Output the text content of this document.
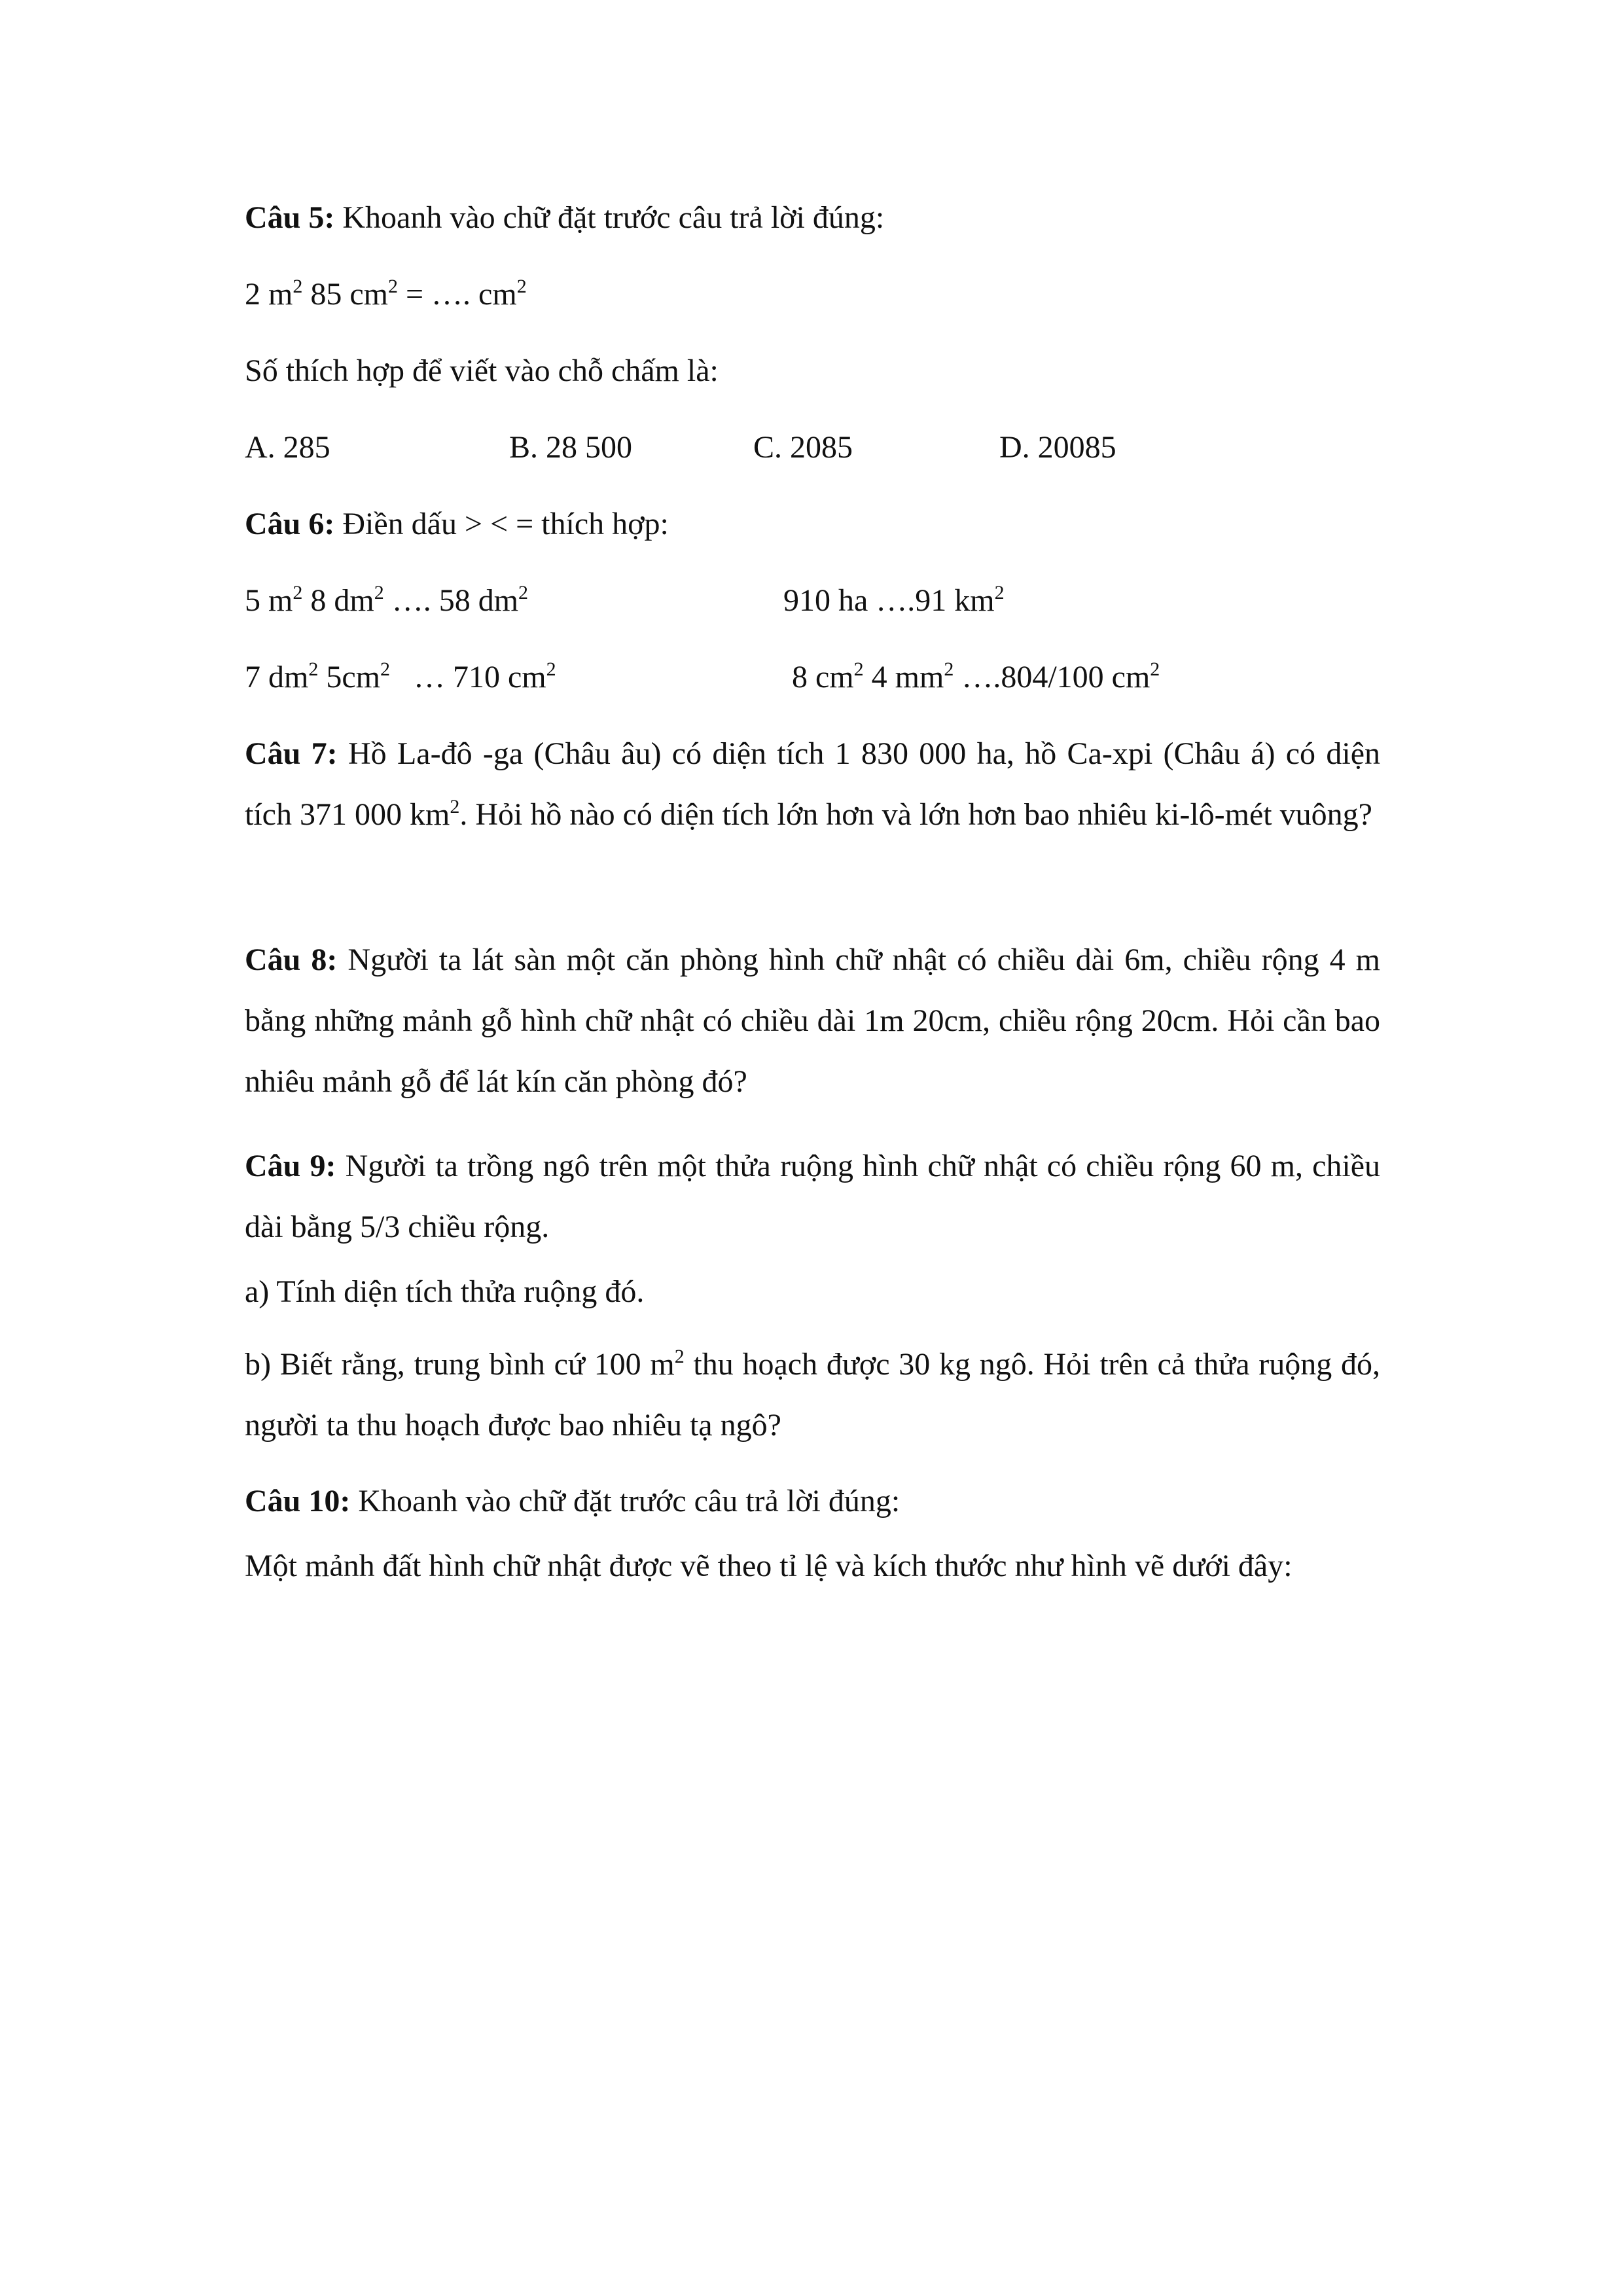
Câu 5: Khoanh vào chữ đặt trước câu trả lời đúng:
2 $m^2$ 85 $cm^2$ = …. $cm^2$
Số thích hợp để viết vào chỗ chấm là:
A. 285	B. 28 500	C. 2085	D. 20085
Câu 6: Điền dấu > < = thích hợp:
5 $m^2$ 8 $dm^2$ …. 58 $dm^2$	910 ha ….91 $km^2$
7 $dm^2$ $5cm^2$   … 710 $cm^2$	8 $cm^2$ 4 $mm^2$ ….804/100 $cm^2$
Câu 7: Hồ La-đô -ga (Châu âu) có diện tích 1 830 000 ha, hồ Ca-xpi (Châu á) có diện tích 371 000 $km^2$. Hỏi hồ nào có diện tích lớn hơn và lớn hơn bao nhiêu ki-lô-mét vuông?
Câu 8: Người ta lát sàn một căn phòng hình chữ nhật có chiều dài 6m, chiều rộng 4 m bằng những mảnh gỗ hình chữ nhật có chiều dài 1m 20cm, chiều rộng 20cm. Hỏi cần bao nhiêu mảnh gỗ để lát kín căn phòng đó?
Câu 9: Người ta trồng ngô trên một thửa ruộng hình chữ nhật có chiều rộng 60 m, chiều dài bằng 5/3 chiều rộng.
a) Tính diện tích thửa ruộng đó.
b) Biết rằng, trung bình cứ 100 $m^2$ thu hoạch được 30 kg ngô. Hỏi trên cả thửa ruộng đó, người ta thu hoạch được bao nhiêu tạ ngô?
Câu 10: Khoanh vào chữ đặt trước câu trả lời đúng:
Một mảnh đất hình chữ nhật được vẽ theo tỉ lệ và kích thước như hình vẽ dưới đây:
